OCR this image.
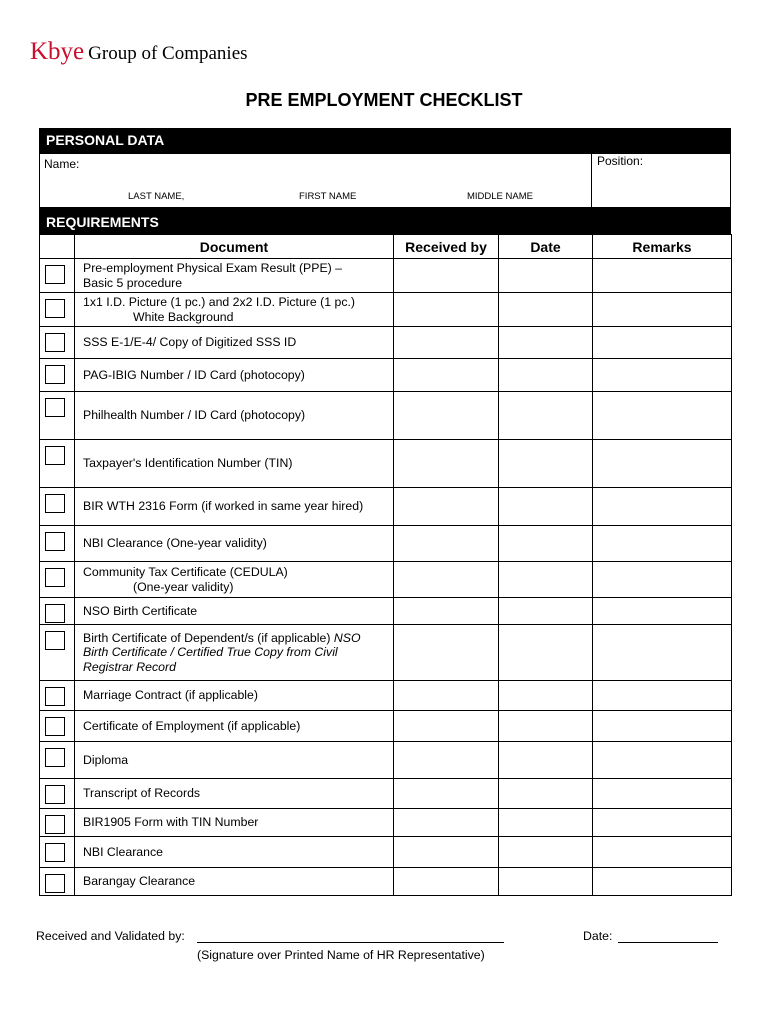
Kbye Group of Companies
PRE EMPLOYMENT CHECKLIST
PERSONAL DATA
Name:
LAST NAME,	FIRST NAME	MIDDLE NAME
Position:
REQUIREMENTS
	Document	Received by	Date	Remarks

	Pre-employment Physical Exam Result (PPE) –
Basic 5 procedure			

	1x1 I.D. Picture (1 pc.) and 2x2 I.D. Picture (1 pc.)
White Background			

	SSS E-1/E-4/ Copy of Digitized SSS ID			

	PAG-IBIG Number / ID Card (photocopy)			

	Philhealth Number / ID Card (photocopy)			

	Taxpayer's Identification Number (TIN)			

	BIR WTH 2316 Form (if worked in same year hired)			

	NBI Clearance (One-year validity)			

	Community Tax Certificate (CEDULA)
(One-year validity)			

	NSO Birth Certificate			

	Birth Certificate of Dependent/s (if applicable) NSO Birth Certificate / Certified True Copy from Civil Registrar Record			

	Marriage Contract (if applicable)			

	Certificate of Employment (if applicable)			

	Diploma			

	Transcript of Records			

	BIR1905 Form with TIN Number			

	NBI Clearance			

	Barangay Clearance			
Received and Validated by:
(Signature over Printed Name of HR Representative)
Date:
